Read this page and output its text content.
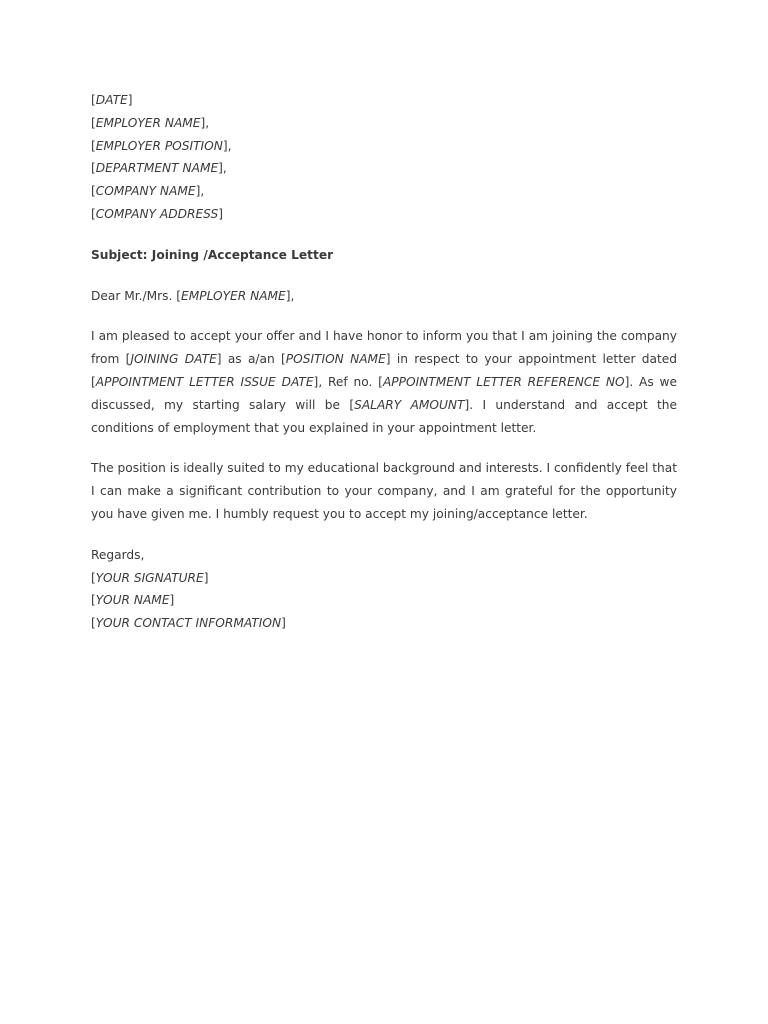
[DATE]
[EMPLOYER NAME],
[EMPLOYER POSITION],
[DEPARTMENT NAME],
[COMPANY NAME],
[COMPANY ADDRESS]
Subject: Joining /Acceptance Letter
Dear Mr./Mrs. [EMPLOYER NAME],
I am pleased to accept your offer and I have honor to inform you that I am joining the company from [JOINING DATE] as a/an [POSITION NAME] in respect to your appointment letter dated [APPOINTMENT LETTER ISSUE DATE], Ref no. [APPOINTMENT LETTER REFERENCE NO]. As we discussed, my starting salary will be [SALARY AMOUNT]. I understand and accept the conditions of employment that you explained in your appointment letter.
The position is ideally suited to my educational background and interests. I confidently feel that I can make a significant contribution to your company, and I am grateful for the opportunity you have given me. I humbly request you to accept my joining/acceptance letter.
Regards,
[YOUR SIGNATURE]
[YOUR NAME]
[YOUR CONTACT INFORMATION]
